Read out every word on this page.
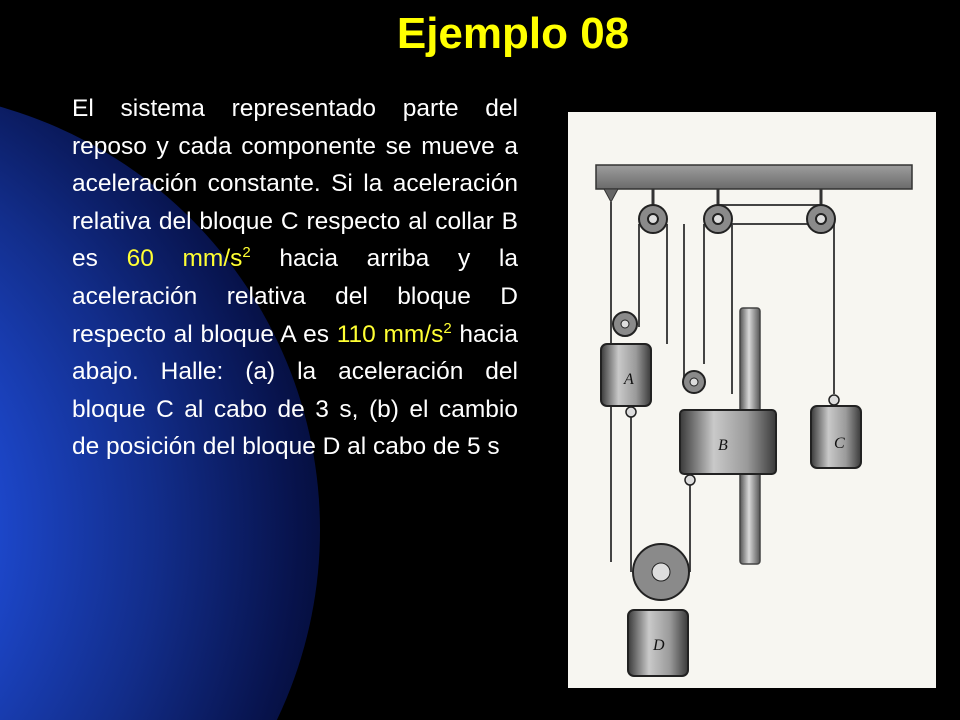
Ejemplo 08
El sistema representado parte del reposo y cada componente se mueve a aceleración constante. Si la aceleración relativa del bloque C respecto al collar B es 60 $mm/s^2$ hacia arriba y la aceleración relativa del bloque D respecto al bloque A es 110 $mm/s^2$ hacia abajo. Halle: (a) la aceleración del bloque C al cabo de 3 s, (b) el cambio de posición del bloque D al cabo de 5 s
A
B	C
D
